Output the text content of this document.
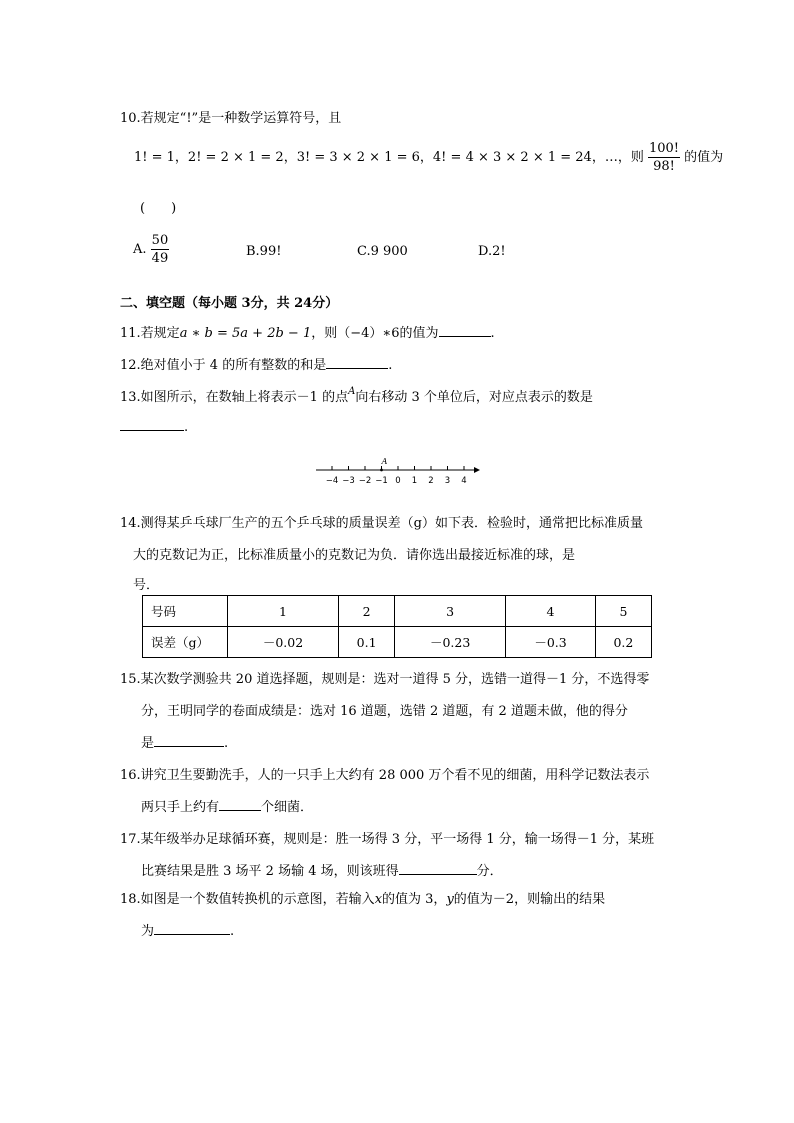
10.若规定“!”是一种数学运算符号，且
1! = 1，2! = 2 × 1 = 2，3! = 3 × 2 × 1 = 6，4! = 4 × 3 × 2 × 1 = 24，…，则 $\frac{100!}{98!}$ 的值为
(　　)
A. $\frac{50}{49}$	B.99!	C.9 900	D.2!
二、填空题（每小题 3分，共 24分）
11.若规定a ∗ b = 5a + 2b − 1，则（−4）∗6的值为	.
12.绝对值小于 4 的所有整数的和是	.
13.如图所示，在数轴上将表示－1 的点$^A$向右移动 3 个单位后，对应点表示的数是
.
−4 −3 −2 −1 0 1 2 3 4
A
14.测得某乒乓球厂生产的五个乒乓球的质量误差（g）如下表．检验时，通常把比标准质量
大的克数记为正，比标准质量小的克数记为负．请你选出最接近标准的球，是
号．
号码	1	2	3	4	5
误差（g）	－0.02	0.1	－0.23	－0.3	0.2
15.某次数学测验共 20 道选择题，规则是：选对一道得 5 分，选错一道得－1 分，不选得零
分，王明同学的卷面成绩是：选对 16 道题，选错 2 道题，有 2 道题未做，他的得分
是	.
16.讲究卫生要勤洗手，人的一只手上大约有 28 000 万个看不见的细菌，用科学记数法表示
两只手上约有	个细菌．
17.某年级举办足球循环赛，规则是：胜一场得 3 分，平一场得 1 分，输一场得－1 分，某班
比赛结果是胜 3 场平 2 场输 4 场，则该班得	分．
18.如图是一个数值转换机的示意图，若输入x的值为 3，y的值为－2，则输出的结果
为	.
